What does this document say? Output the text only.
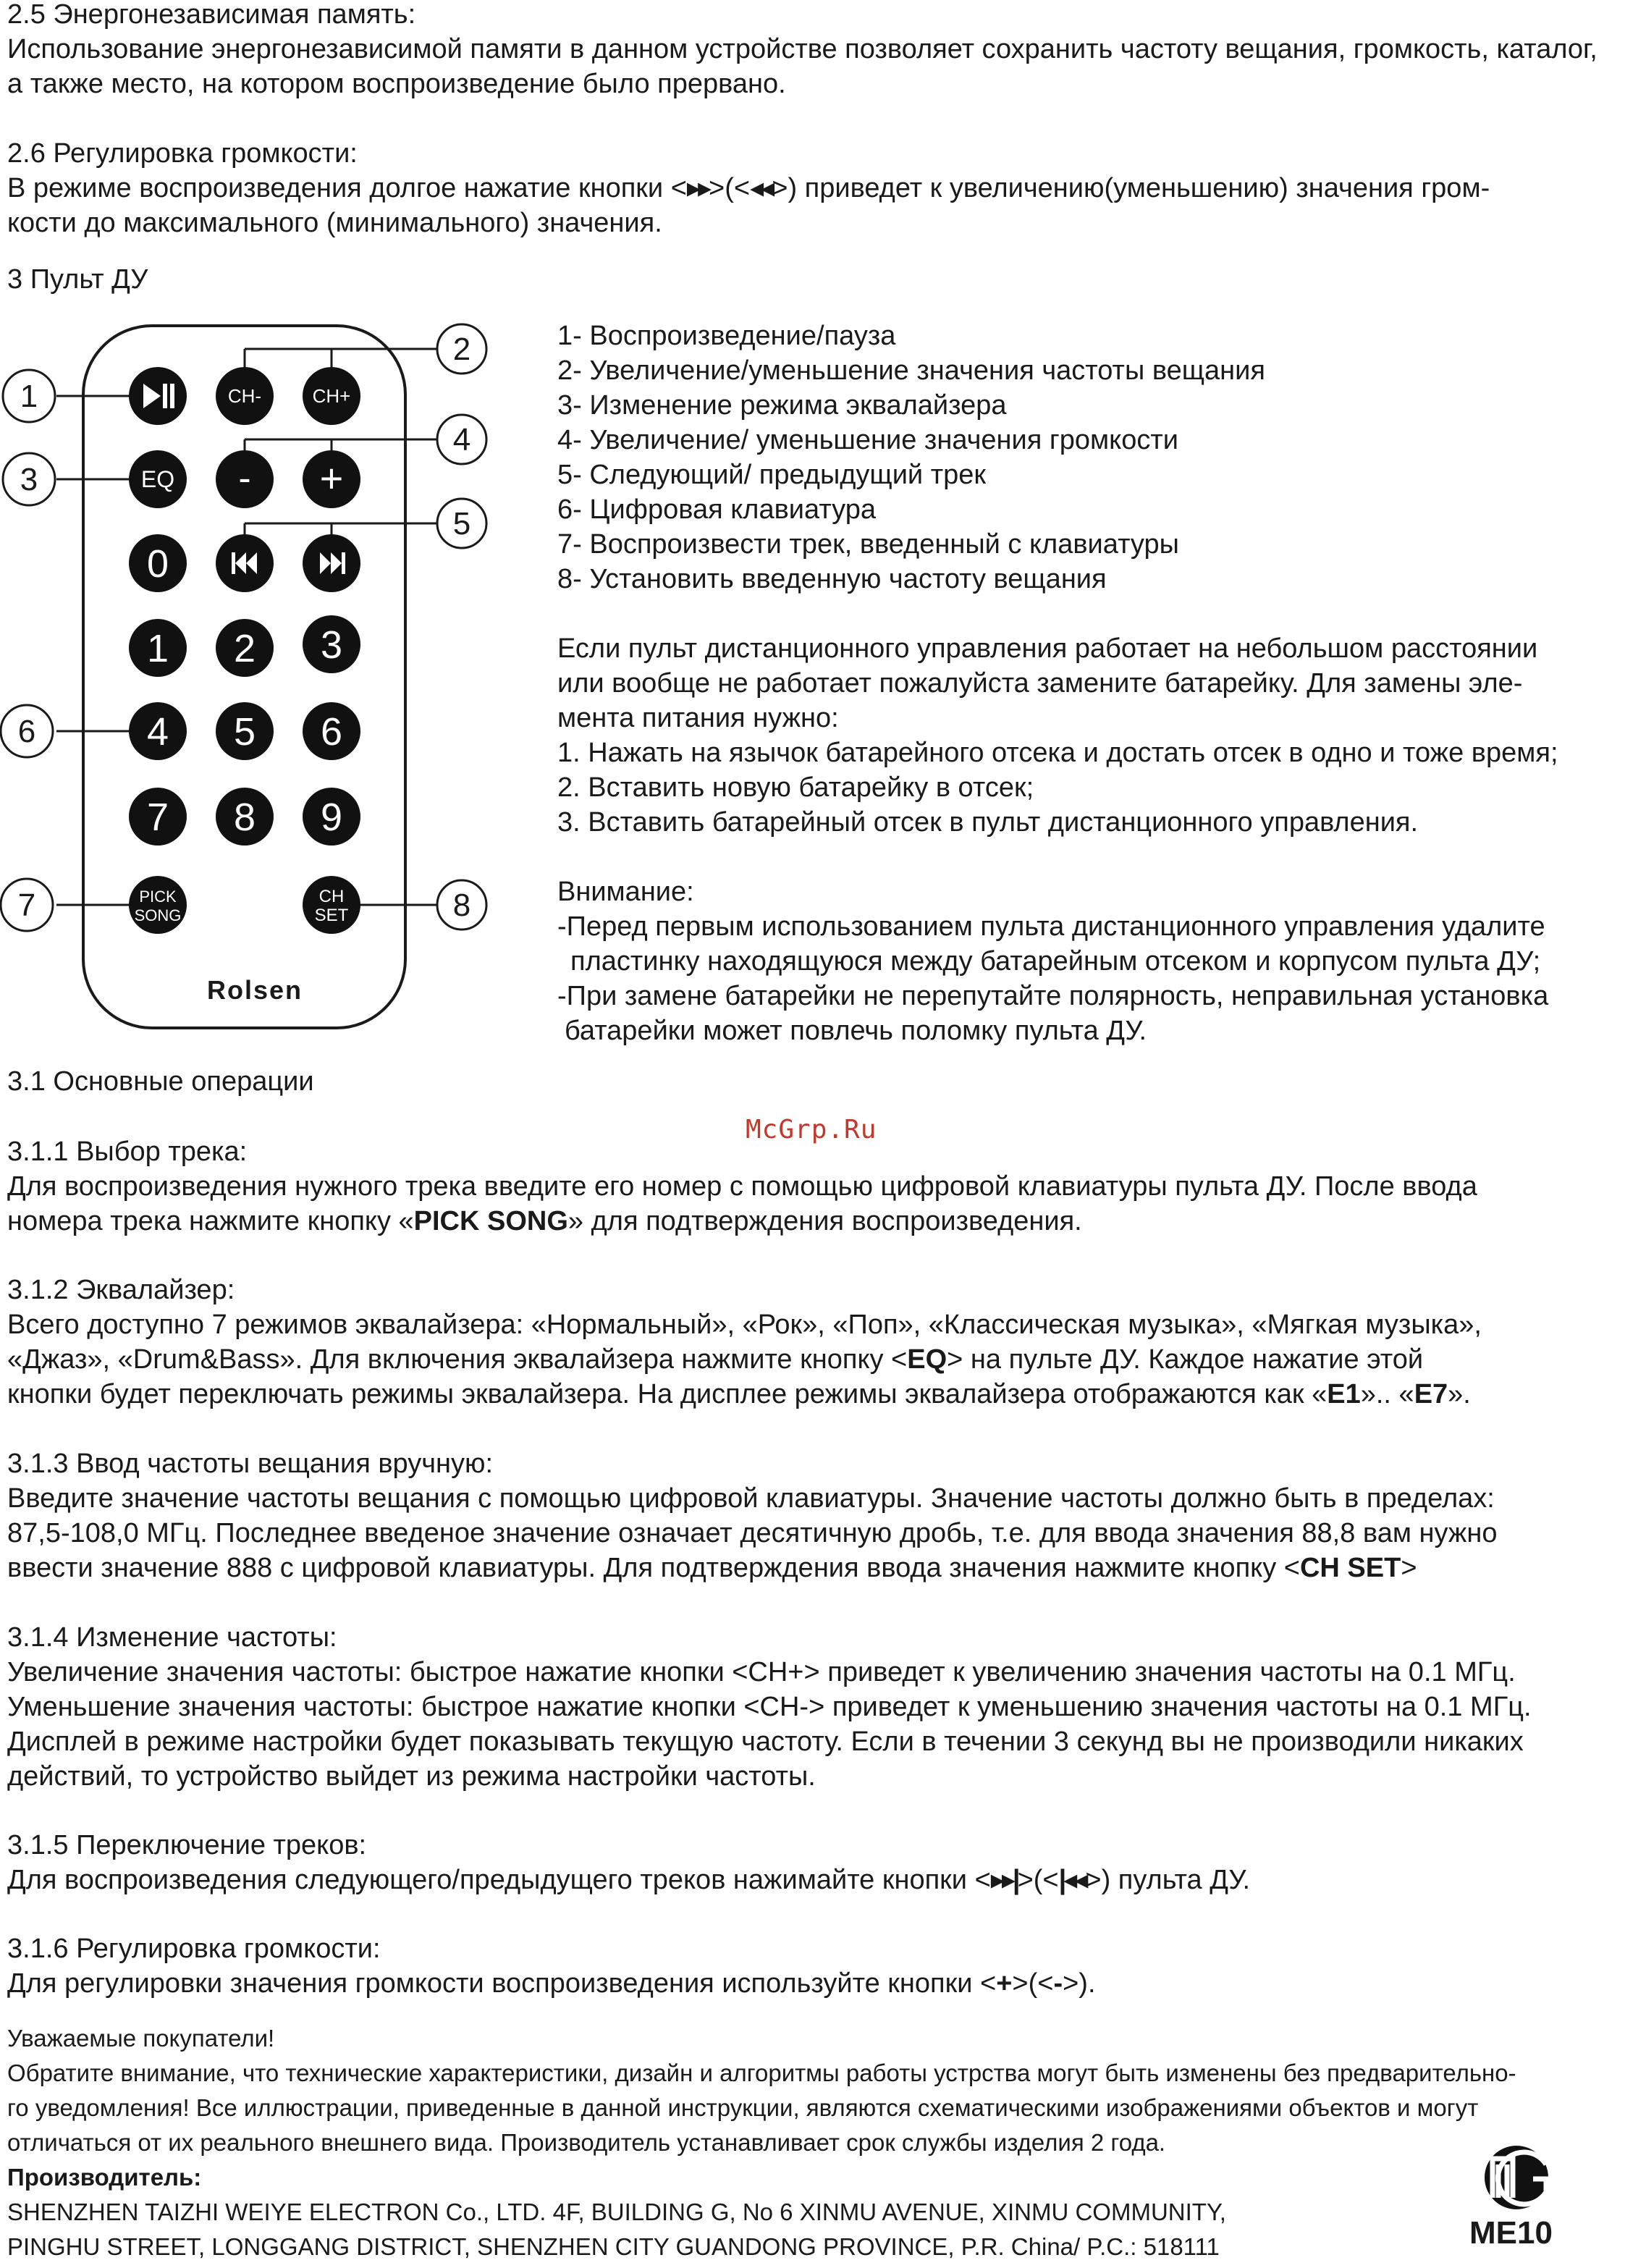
2.5 Энергонезависимая память:

Использование энергонезависимой памяти в данном устройстве позволяет сохранить частоту вещания, громкость, каталог, а также место, на котором воспроизведение было прервано.

2.6 Регулировка громкости:

В режиме воспроизведения долгое нажатие кнопки <▸▸>(<◂◂>) приведет к увеличению(уменьшению) значения гром-

кости до максимального (минимального) значения.

3 Пульт ДУ

1
2
3
4
5
6
7	8
CH-	CH+
EQ - +
0
1 2 3
4 5 6
7 8 9
PICK
SONG
CH
SET
Rolsen

1- Воспроизведение/пауза

2- Увеличение/уменьшение значения частоты вещания

3- Изменение режима эквалайзера

4- Увеличение/ уменьшение значения громкости

5- Следующий/ предыдущий трек

6- Цифровая клавиатура

7- Воспроизвести трек, введенный с клавиатуры

8- Установить введенную частоту вещания

Если пульт дистанционного управления работает на небольшом расстоянии

или вообще не работает пожалуйста замените батарейку. Для замены эле-

мента питания нужно:

1. Нажать на язычок батарейного отсека и достать отсек в одно и тоже время;

2. Вставить новую батарейку в отсек;

3. Вставить батарейный отсек в пульт дистанционного управления.

Внимание:

-Перед первым использованием пульта дистанционного управления удалите

пластинку находящуюся между батарейным отсеком и корпусом пульта ДУ;

-При замене батарейки не перепутайте полярность, неправильная установка

батарейки может повлечь поломку пульта ДУ.

3.1 Основные операции

McGrp.Ru

3.1.1 Выбор трека:

Для воспроизведения нужного трека введите его номер с помощью цифровой клавиатуры пульта ДУ. После ввода

номера трека нажмите кнопку «PICK SONG» для подтверждения воспроизведения.

3.1.2 Эквалайзер:

Всего доступно 7 режимов эквалайзера: «Нормальный», «Рок», «Поп», «Классическая музыка», «Мягкая музыка»,

«Джаз», «Drum&Bass». Для включения эквалайзера нажмите кнопку <EQ> на пульте ДУ. Каждое нажатие этой

кнопки будет переключать режимы эквалайзера. На дисплее режимы эквалайзера отображаются как «E1».. «E7».

3.1.3 Ввод частоты вещания вручную:

Введите значение частоты вещания с помощью цифровой клавиатуры. Значение частоты должно быть в пределах:

87,5-108,0 МГц. Последнее введеное значение означает десятичную дробь, т.е. для ввода значения 88,8 вам нужно

ввести значение 888 с цифровой клавиатуры. Для подтверждения ввода значения нажмите кнопку <CH SET>

3.1.4 Изменение частоты:

Увеличение значения частоты: быстрое нажатие кнопки <CH+> приведет к увеличению значения частоты на 0.1 МГц.

Уменьшение значения частоты: быстрое нажатие кнопки <CH-> приведет к уменьшению значения частоты на 0.1 МГц.

Дисплей в режиме настройки будет показывать текущую частоту. Если в течении 3 секунд вы не производили никаких

действий, то устройство выйдет из режима настройки частоты.

3.1.5 Переключение треков:

Для воспроизведения следующего/предыдущего треков нажимайте кнопки <▸▸|>(<|◂◂>) пульта ДУ.

3.1.6 Регулировка громкости:

Для регулировки значения громкости воспроизведения используйте кнопки <+>(<->).

Уважаемые покупатели!

Обратите внимание, что технические характеристики, дизайн и алгоритмы работы устрства могут быть изменены без предварительно-

го уведомления! Все иллюстрации, приведенные в данной инструкции, являются схематическими изображениями объектов и могут

отличаться от их реального внешнего вида. Производитель устанавливает срок службы изделия 2 года.

Производитель:

SHENZHEN TAIZHI WEIYE ELECTRON Co., LTD. 4F, BUILDING G, No 6 XINMU AVENUE, XINMU COMMUNITY,

PINGHU STREET, LONGGANG DISTRICT, SHENZHEN CITY GUANDONG PROVINCE, P.R. China/ P.C.: 518111	ME10
